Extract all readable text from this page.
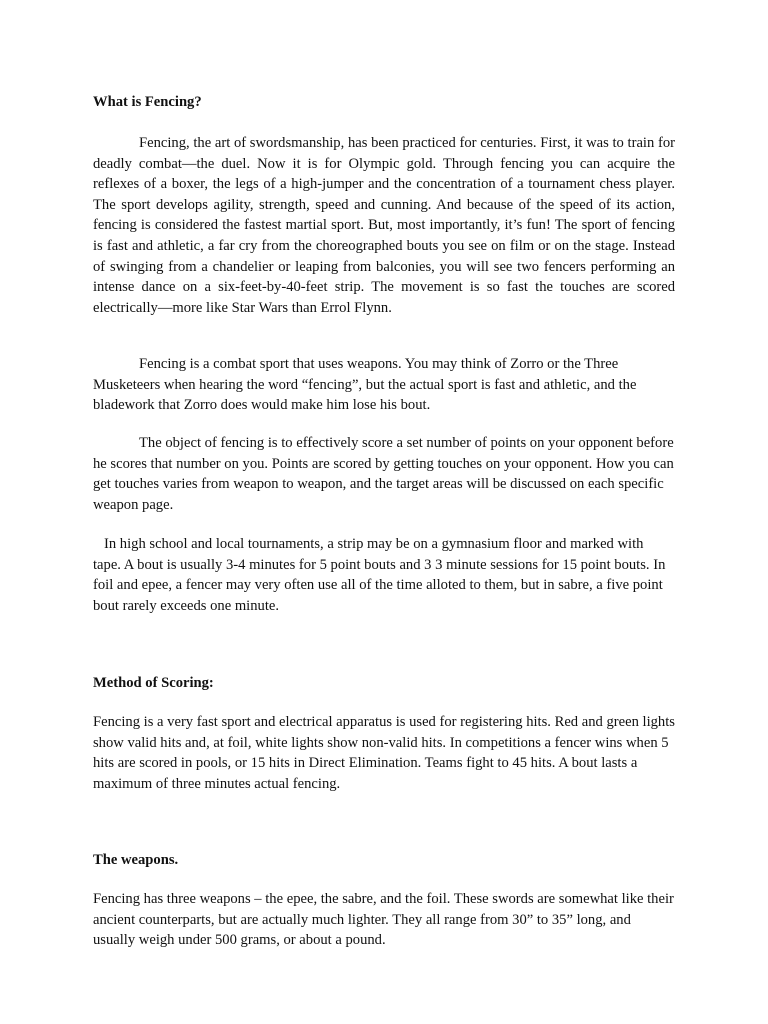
What is Fencing?

Fencing, the art of swordsmanship, has been practiced for centuries. First, it was to train for deadly combat—the duel. Now it is for Olympic gold. Through fencing you can acquire the reflexes of a boxer, the legs of a high-jumper and the concentration of a tournament chess player. The sport develops agility, strength, speed and cunning. And because of the speed of its action, fencing is considered the fastest martial sport. But, most importantly, it’s fun! The sport of fencing is fast and athletic, a far cry from the choreographed bouts you see on film or on the stage. Instead of swinging from a chandelier or leaping from balconies, you will see two fencers performing an intense dance on a six-feet-by-40-feet strip. The movement is so fast the touches are scored electrically—more like Star Wars than Errol Flynn.

Fencing is a combat sport that uses weapons. You may think of Zorro or the Three Musketeers when hearing the word “fencing”, but the actual sport is fast and athletic, and the bladework that Zorro does would make him lose his bout.

The object of fencing is to effectively score a set number of points on your opponent before he scores that number on you. Points are scored by getting touches on your opponent. How you can get touches varies from weapon to weapon, and the target areas will be discussed on each specific weapon page.

In high school and local tournaments, a strip may be on a gymnasium floor and marked with tape. A bout is usually 3-4 minutes for 5 point bouts and 3 3 minute sessions for 15 point bouts. In foil and epee, a fencer may very often use all of the time alloted to them, but in sabre, a five point bout rarely exceeds one minute.

Method of Scoring:

Fencing is a very fast sport and electrical apparatus is used for registering hits. Red and green lights show valid hits and, at foil, white lights show non-valid hits. In competitions a fencer wins when 5 hits are scored in pools, or 15 hits in Direct Elimination. Teams fight to 45 hits. A bout lasts a maximum of three minutes actual fencing.

The weapons.

Fencing has three weapons – the epee, the sabre, and the foil. These swords are somewhat like their ancient counterparts, but are actually much lighter. They all range from 30” to 35” long, and usually weigh under 500 grams, or about a pound.
